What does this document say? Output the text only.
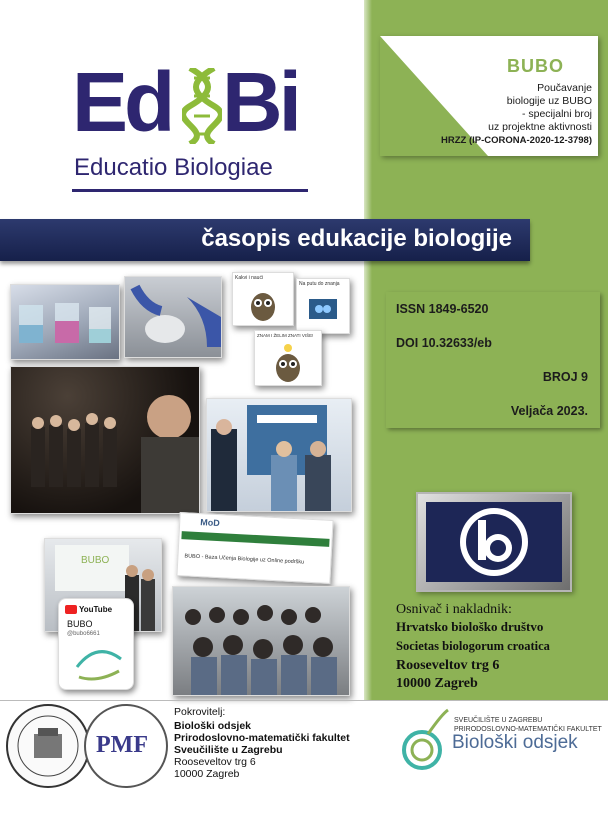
Ed Bi
Educatio Biologiae
BUBO
Poučavanje
biologije uz BUBO
- specijalni broj
uz projektne aktivnosti
HRZZ (IP-CORONA-2020-12-3798)
časopis edukacije biologije
Kakvi i naući
Na putu do znanja
ZNAM I ŽELIM ZNATI VIŠE!
MoD
BUBO - Baza Učenja Biologije uz Online podršku
BUBO
YouTube
BUBO
@bubo6661
ISSN 1849-6520
DOI 10.32633/eb
BROJ 9
Veljača 2023.
Osnivač i nakladnik:
Hrvatsko biološko društvo
Societas biologorum croatica
Rooseveltov trg 6
10000 Zagreb
PMF
Pokrovitelj:
Biološki odsjek
Prirodoslovno-matematički fakultet
Sveučilište u Zagrebu
Rooseveltov trg 6
10000 Zagreb
SVEUČILIŠTE U ZAGREBU
PRIRODOSLOVNO-MATEMATIČKI FAKULTET
Biološki odsjek
